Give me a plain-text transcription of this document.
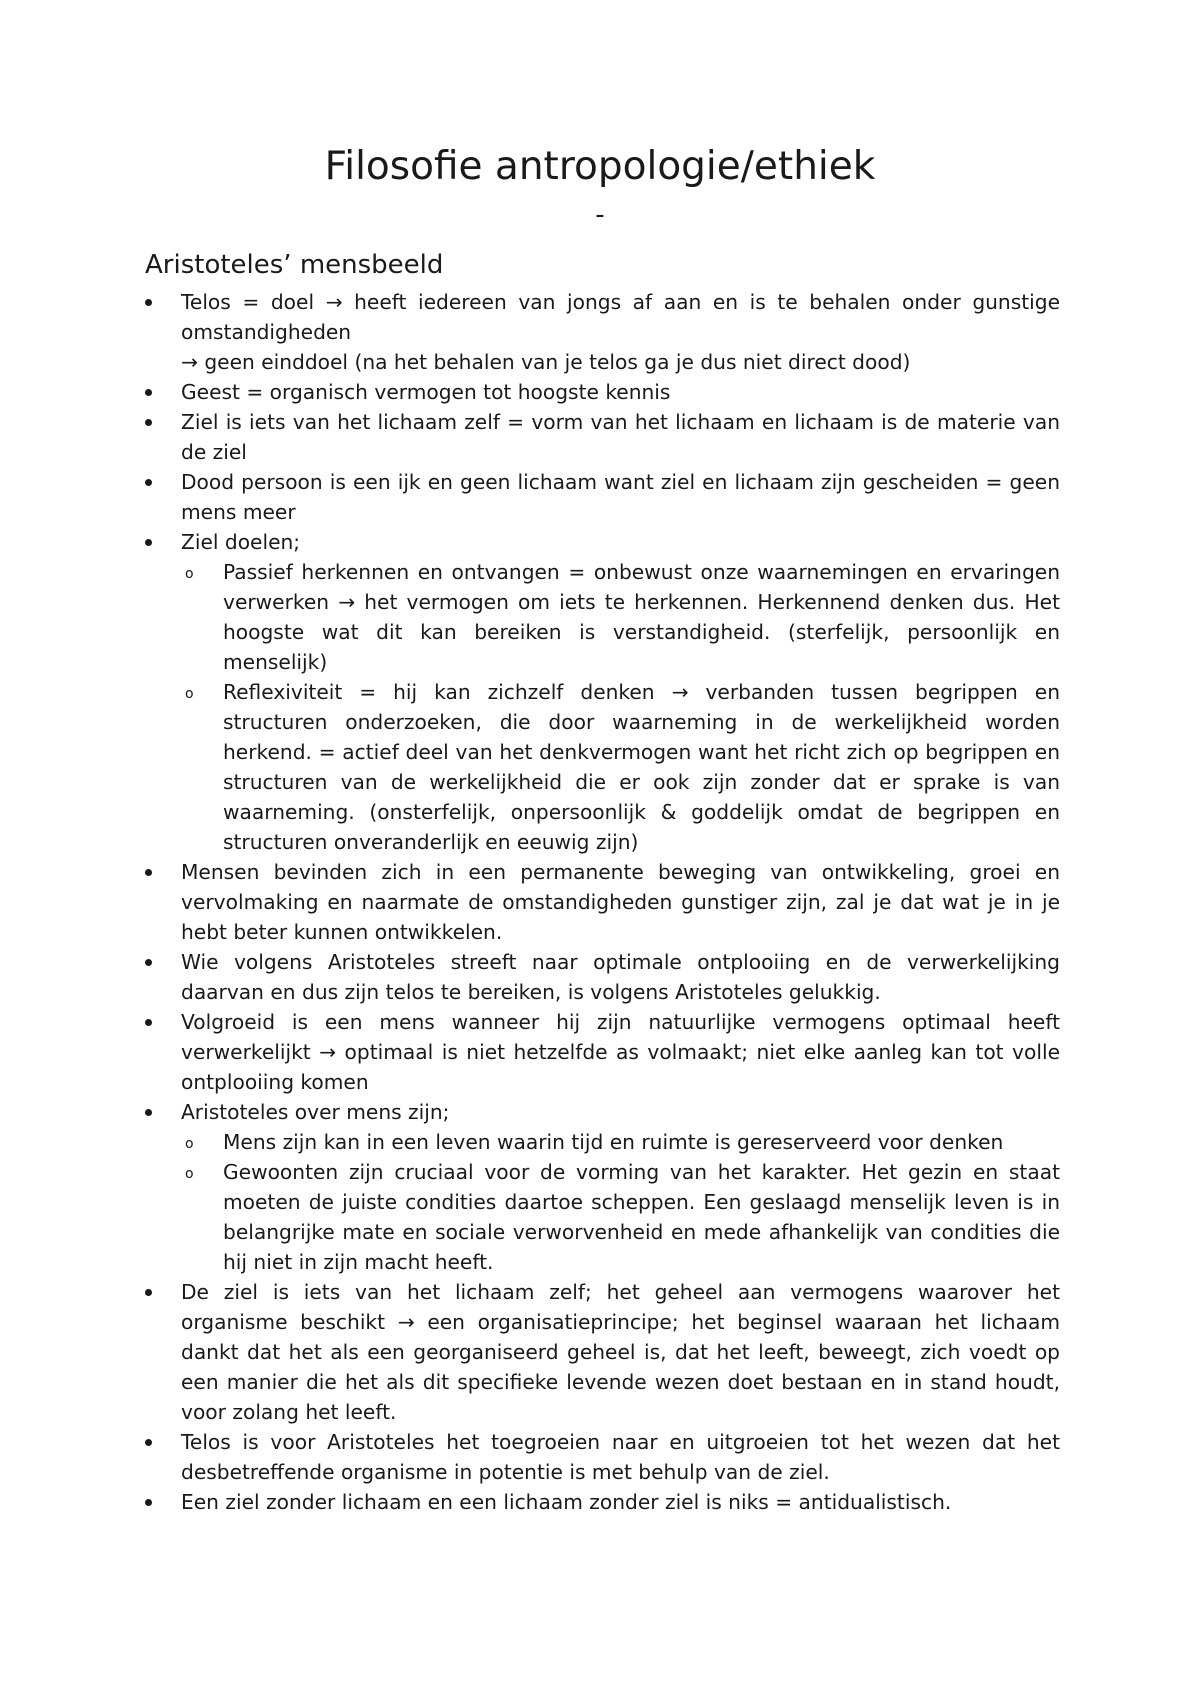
Filosofie antropologie/ethiek
-
Aristoteles’ mensbeeld
Telos = doel → heeft iedereen van jongs af aan en is te behalen onder gunstige omstandigheden
→ geen einddoel (na het behalen van je telos ga je dus niet direct dood)
Geest = organisch vermogen tot hoogste kennis
Ziel is iets van het lichaam zelf = vorm van het lichaam en lichaam is de materie van de ziel
Dood persoon is een ijk en geen lichaam want ziel en lichaam zijn gescheiden = geen mens meer
Ziel doelen;
o Passief herkennen en ontvangen = onbewust onze waarnemingen en ervaringen verwerken → het vermogen om iets te herkennen. Herkennend denken dus. Het hoogste wat dit kan bereiken is verstandigheid. (sterfelijk, persoonlijk en menselijk)
o Reflexiviteit = hij kan zichzelf denken → verbanden tussen begrippen en structuren onderzoeken, die door waarneming in de werkelijkheid worden herkend. = actief deel van het denkvermogen want het richt zich op begrippen en structuren van de werkelijkheid die er ook zijn zonder dat er sprake is van waarneming. (onsterfelijk, onpersoonlijk & goddelijk omdat de begrippen en structuren onveranderlijk en eeuwig zijn)
Mensen bevinden zich in een permanente beweging van ontwikkeling, groei en vervolmaking en naarmate de omstandigheden gunstiger zijn, zal je dat wat je in je hebt beter kunnen ontwikkelen.
Wie volgens Aristoteles streeft naar optimale ontplooiing en de verwerkelijking daarvan en dus zijn telos te bereiken, is volgens Aristoteles gelukkig.
Volgroeid is een mens wanneer hij zijn natuurlijke vermogens optimaal heeft verwerkelijkt → optimaal is niet hetzelfde as volmaakt; niet elke aanleg kan tot volle ontplooiing komen
Aristoteles over mens zijn;
o Mens zijn kan in een leven waarin tijd en ruimte is gereserveerd voor denken
o Gewoonten zijn cruciaal voor de vorming van het karakter. Het gezin en staat moeten de juiste condities daartoe scheppen. Een geslaagd menselijk leven is in belangrijke mate en sociale verworvenheid en mede afhankelijk van condities die hij niet in zijn macht heeft.
De ziel is iets van het lichaam zelf; het geheel aan vermogens waarover het organisme beschikt → een organisatieprincipe; het beginsel waaraan het lichaam dankt dat het als een georganiseerd geheel is, dat het leeft, beweegt, zich voedt op een manier die het als dit specifieke levende wezen doet bestaan en in stand houdt, voor zolang het leeft.
Telos is voor Aristoteles het toegroeien naar en uitgroeien tot het wezen dat het desbetreffende organisme in potentie is met behulp van de ziel.
Een ziel zonder lichaam en een lichaam zonder ziel is niks = antidualistisch.
